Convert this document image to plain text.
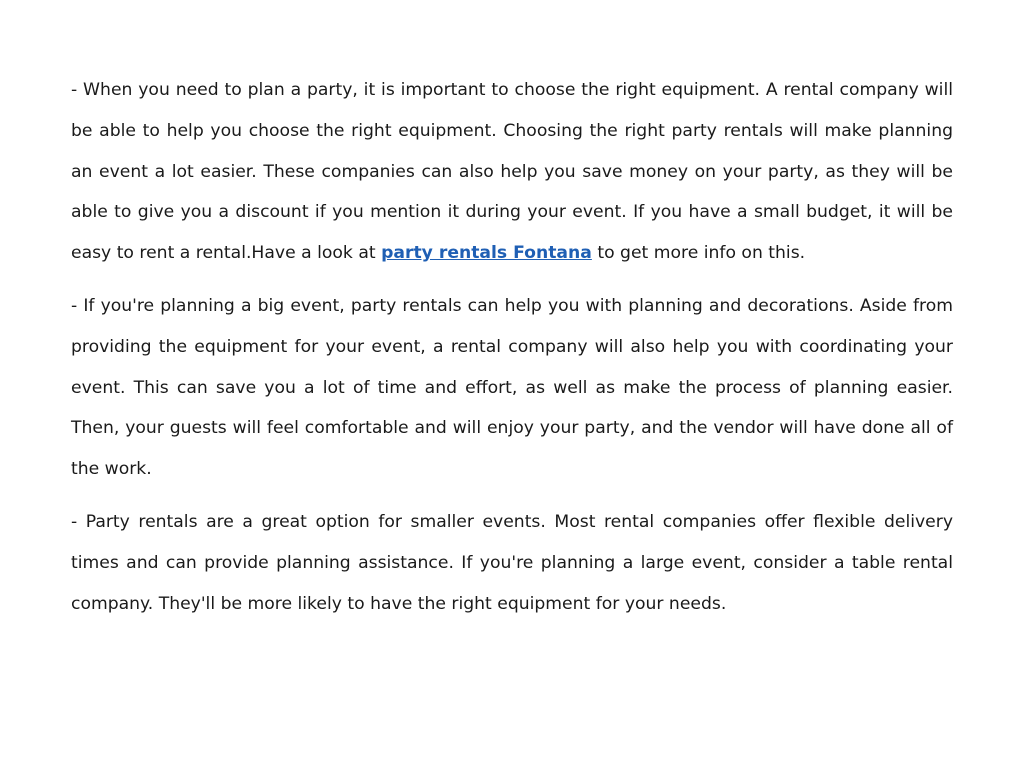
- When you need to plan a party, it is important to choose the right equipment. A rental company will be able to help you choose the right equipment. Choosing the right party rentals will make planning an event a lot easier. These companies can also help you save money on your party, as they will be able to give you a discount if you mention it during your event. If you have a small budget, it will be easy to rent a rental.Have a look at party rentals Fontana to get more info on this.

- If you're planning a big event, party rentals can help you with planning and decorations. Aside from providing the equipment for your event, a rental company will also help you with coordinating your event. This can save you a lot of time and effort, as well as make the process of planning easier. Then, your guests will feel comfortable and will enjoy your party, and the vendor will have done all of the work.

- Party rentals are a great option for smaller events. Most rental companies offer flexible delivery times and can provide planning assistance. If you're planning a large event, consider a table rental company. They'll be more likely to have the right equipment for your needs.
